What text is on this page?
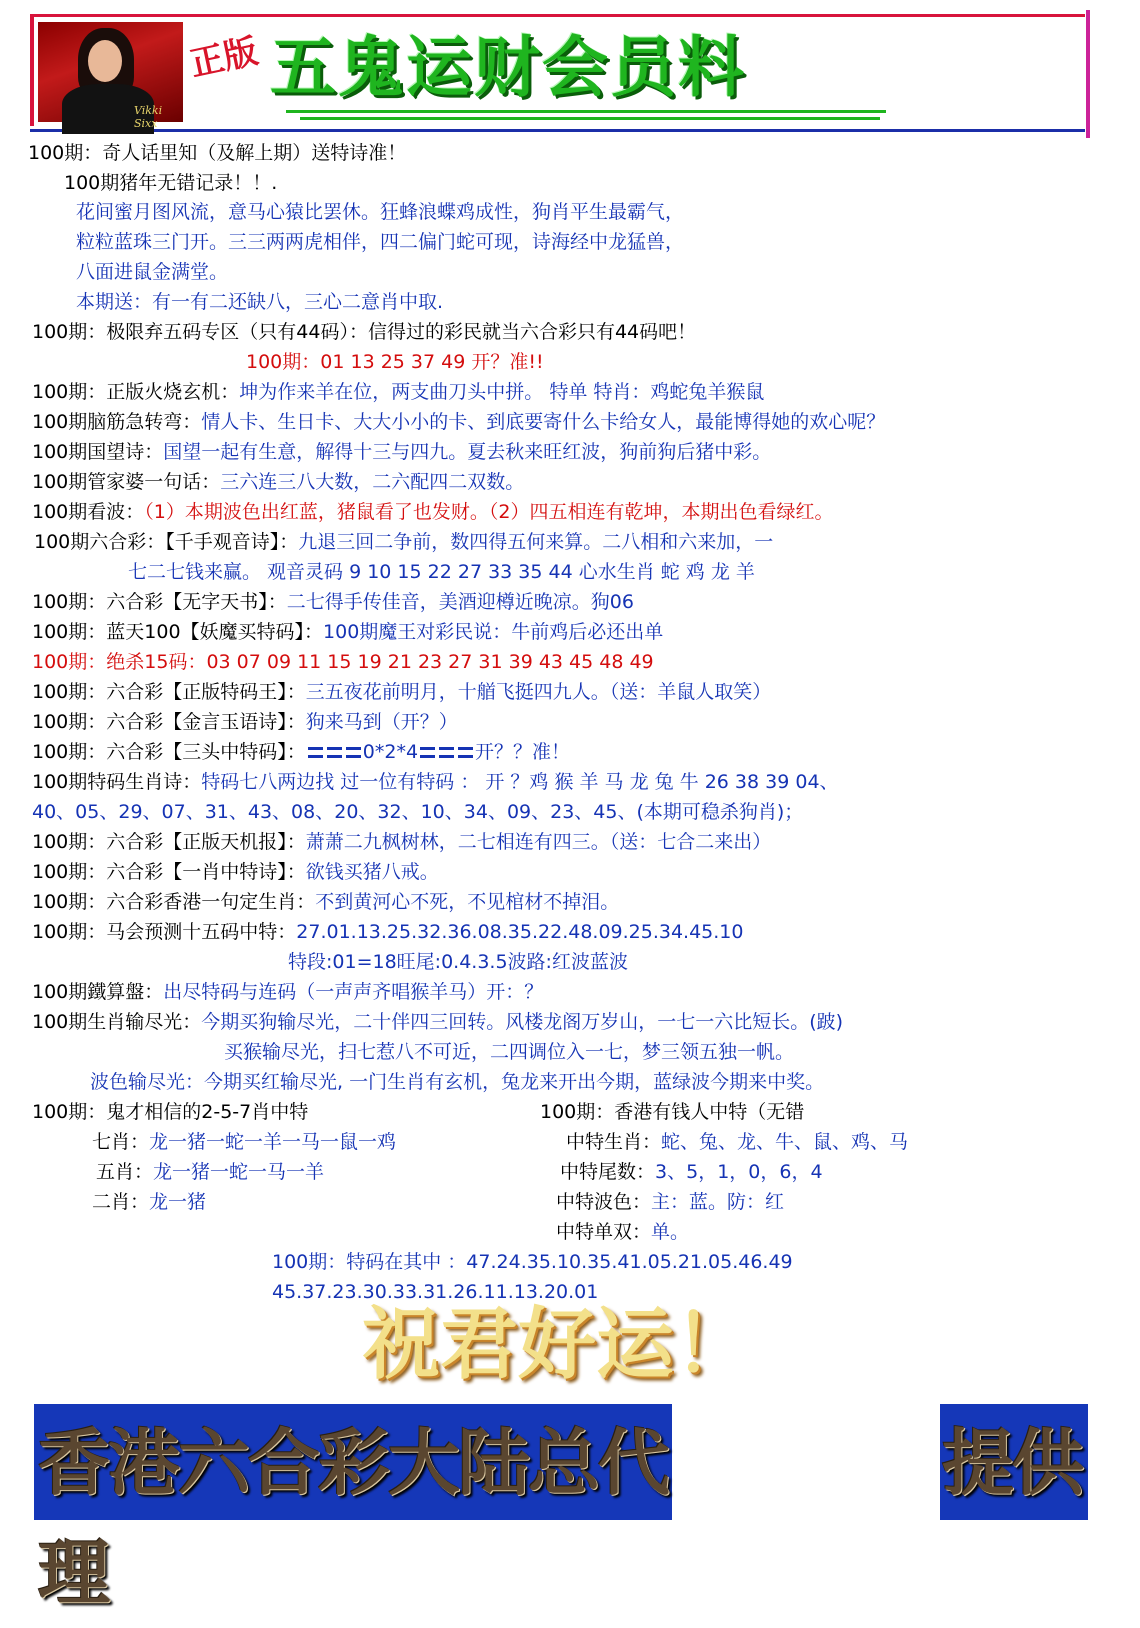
Vikki Sixx
正版 五鬼运财会员料
100期：奇人话里知（及解上期）送特诗准！
100期猪年无错记录！！.
花间蜜月图风流，意马心猿比罢休。狂蜂浪蝶鸡成性，狗肖平生最霸气，
粒粒蓝珠三门开。三三两两虎相伴，四二偏门蛇可现，诗海经中龙猛兽，
八面进鼠金满堂。
本期送：有一有二还缺八，三心二意肖中取.
100期：极限弃五码专区（只有44码）：信得过的彩民就当六合彩只有44码吧！
100期：01 13 25 37 49 开？准!!
100期：正版火烧玄机：坤为作来羊在位，两支曲刀头中拼。 特单 特肖：鸡蛇兔羊猴鼠
100期脑筋急转弯：情人卡、生日卡、大大小小的卡、到底要寄什么卡给女人，最能博得她的欢心呢？
100期国望诗：国望一起有生意，解得十三与四九。夏去秋来旺红波，狗前狗后猪中彩。
100期管家婆一句话：三六连三八大数，二六配四二双数。
100期看波：（1）本期波色出红蓝，猪鼠看了也发财。（2）四五相连有乾坤，本期出色看绿红。
100期六合彩：【千手观音诗】：九退三回二争前，数四得五何来算。二八相和六来加，一
七二七钱来赢。 观音灵码 9 10 15 22 27 33 35 44 心水生肖 蛇 鸡 龙 羊
100期：六合彩【无字天书】：二七得手传佳音，美酒迎樽近晚凉。狗06
100期：蓝天100【妖魔买特码】：100期魔王对彩民说：牛前鸡后必还出单
100期：绝杀15码：03 07 09 11 15 19 21 23 27 31 39 43 45 48 49
100期：六合彩【正版特码王】：三五夜花前明月，十艏飞挺四九人。（送：羊鼠人取笑）
100期：六合彩【金言玉语诗】：狗来马到（开？）
100期：六合彩【三头中特码】：	0*2*4	开？？准！
100期特码生肖诗：特码七八两边找 过一位有特码 ： 开 ？鸡 猴 羊 马 龙 兔 牛 26 38 39 04、
40、05、29、07、31、43、08、20、32、10、34、09、23、45、(本期可稳杀狗肖)；
100期：六合彩【正版天机报】：萧萧二九枫树林，二七相连有四三。（送：七合二来出）
100期：六合彩【一肖中特诗】：欲钱买猪八戒。
100期：六合彩香港一句定生肖：不到黄河心不死，不见棺材不掉泪。
100期：马会预测十五码中特：27.01.13.25.32.36.08.35.22.48.09.25.34.45.10
特段:01=18旺尾:0.4.3.5波路:红波蓝波
100期鐵算盤：出尽特码与连码（一声声齐唱猴羊马）开：？
100期生肖输尽光：今期买狗输尽光，二十伴四三回转。风楼龙阁万岁山，一七一六比短长。(跛)
买猴输尽光，扫七惹八不可近，二四调位入一七，梦三领五独一帆。
波色输尽光：今期买红输尽光, 一门生肖有玄机，兔龙来开出今期，蓝绿波今期来中奖。
100期：鬼才相信的2-5-7肖中特
七肖：龙一猪一蛇一羊一马一鼠一鸡
五肖：龙一猪一蛇一马一羊
二肖：龙一猪
100期：香港有钱人中特（无错
中特生肖：蛇、兔、龙、牛、鼠、鸡、马
中特尾数：3、5，1，0，6，4
中特波色：主：蓝。防：红
中特单双：单。
100期：特码在其中 ：47.24.35.10.35.41.05.21.05.46.49
45.37.23.30.33.31.26.11.13.20.01
祝君好运！
香港六合彩大陆总代理
提供
